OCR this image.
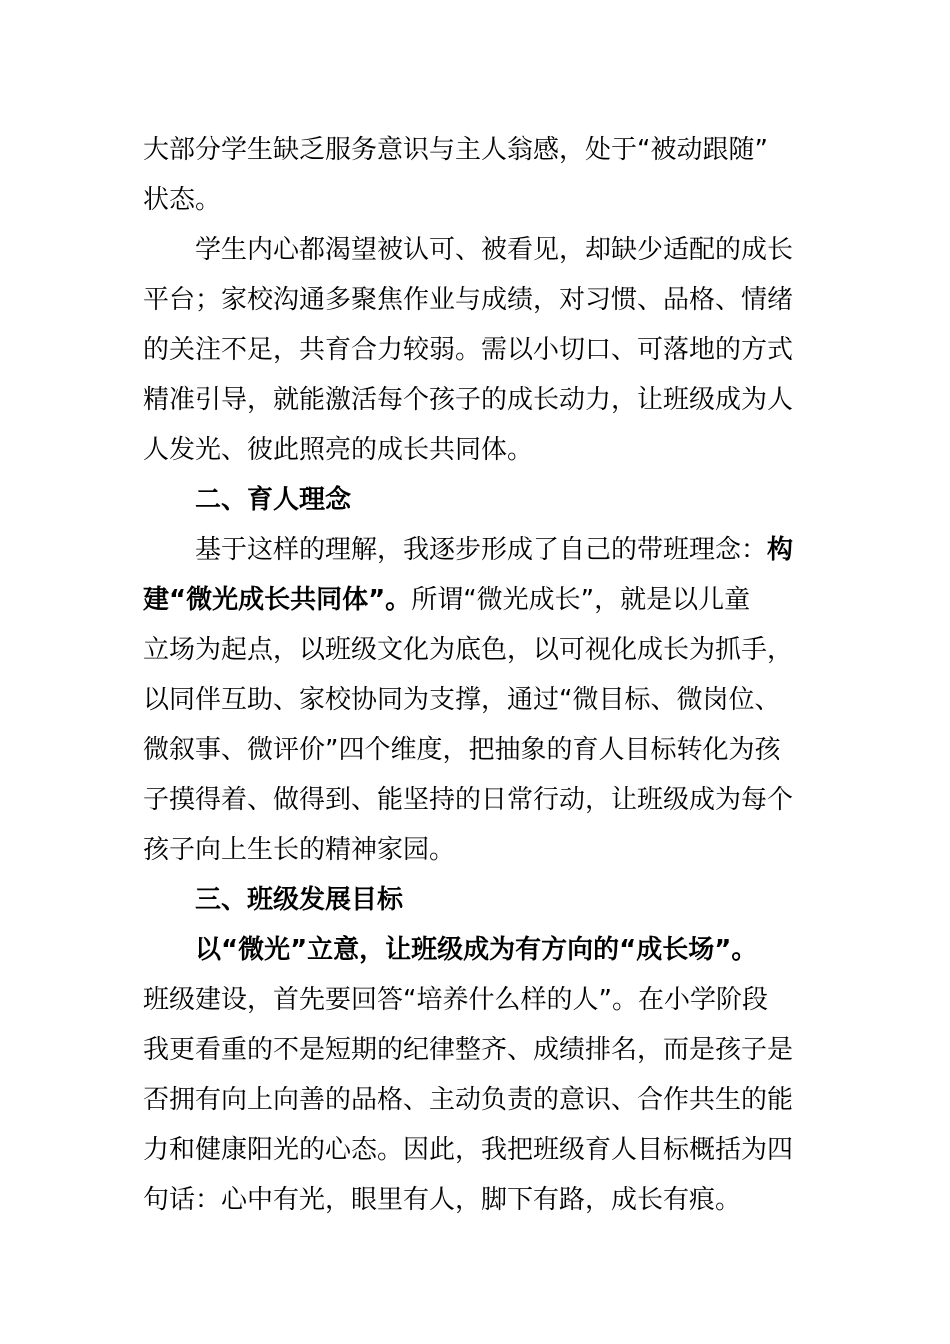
大部分学生缺乏服务意识与主人翁感，处于“被动跟随”
状态。
学生内心都渴望被认可、被看见，却缺少适配的成长
平台；家校沟通多聚焦作业与成绩，对习惯、品格、情绪
的关注不足，共育合力较弱。需以小切口、可落地的方式
精准引导，就能激活每个孩子的成长动力，让班级成为人
人发光、彼此照亮的成长共同体。
二、育人理念
基于这样的理解，我逐步形成了自己的带班理念：构
建“微光成长共同体”。所谓“微光成长”，就是以儿童
立场为起点，以班级文化为底色，以可视化成长为抓手，
以同伴互助、家校协同为支撑，通过“微目标、微岗位、
微叙事、微评价”四个维度，把抽象的育人目标转化为孩
子摸得着、做得到、能坚持的日常行动，让班级成为每个
孩子向上生长的精神家园。
三、班级发展目标
以“微光”立意，让班级成为有方向的“成长场”。
班级建设，首先要回答“培养什么样的人”。在小学阶段
我更看重的不是短期的纪律整齐、成绩排名，而是孩子是
否拥有向上向善的品格、主动负责的意识、合作共生的能
力和健康阳光的心态。因此，我把班级育人目标概括为四
句话：心中有光，眼里有人，脚下有路，成长有痕。
